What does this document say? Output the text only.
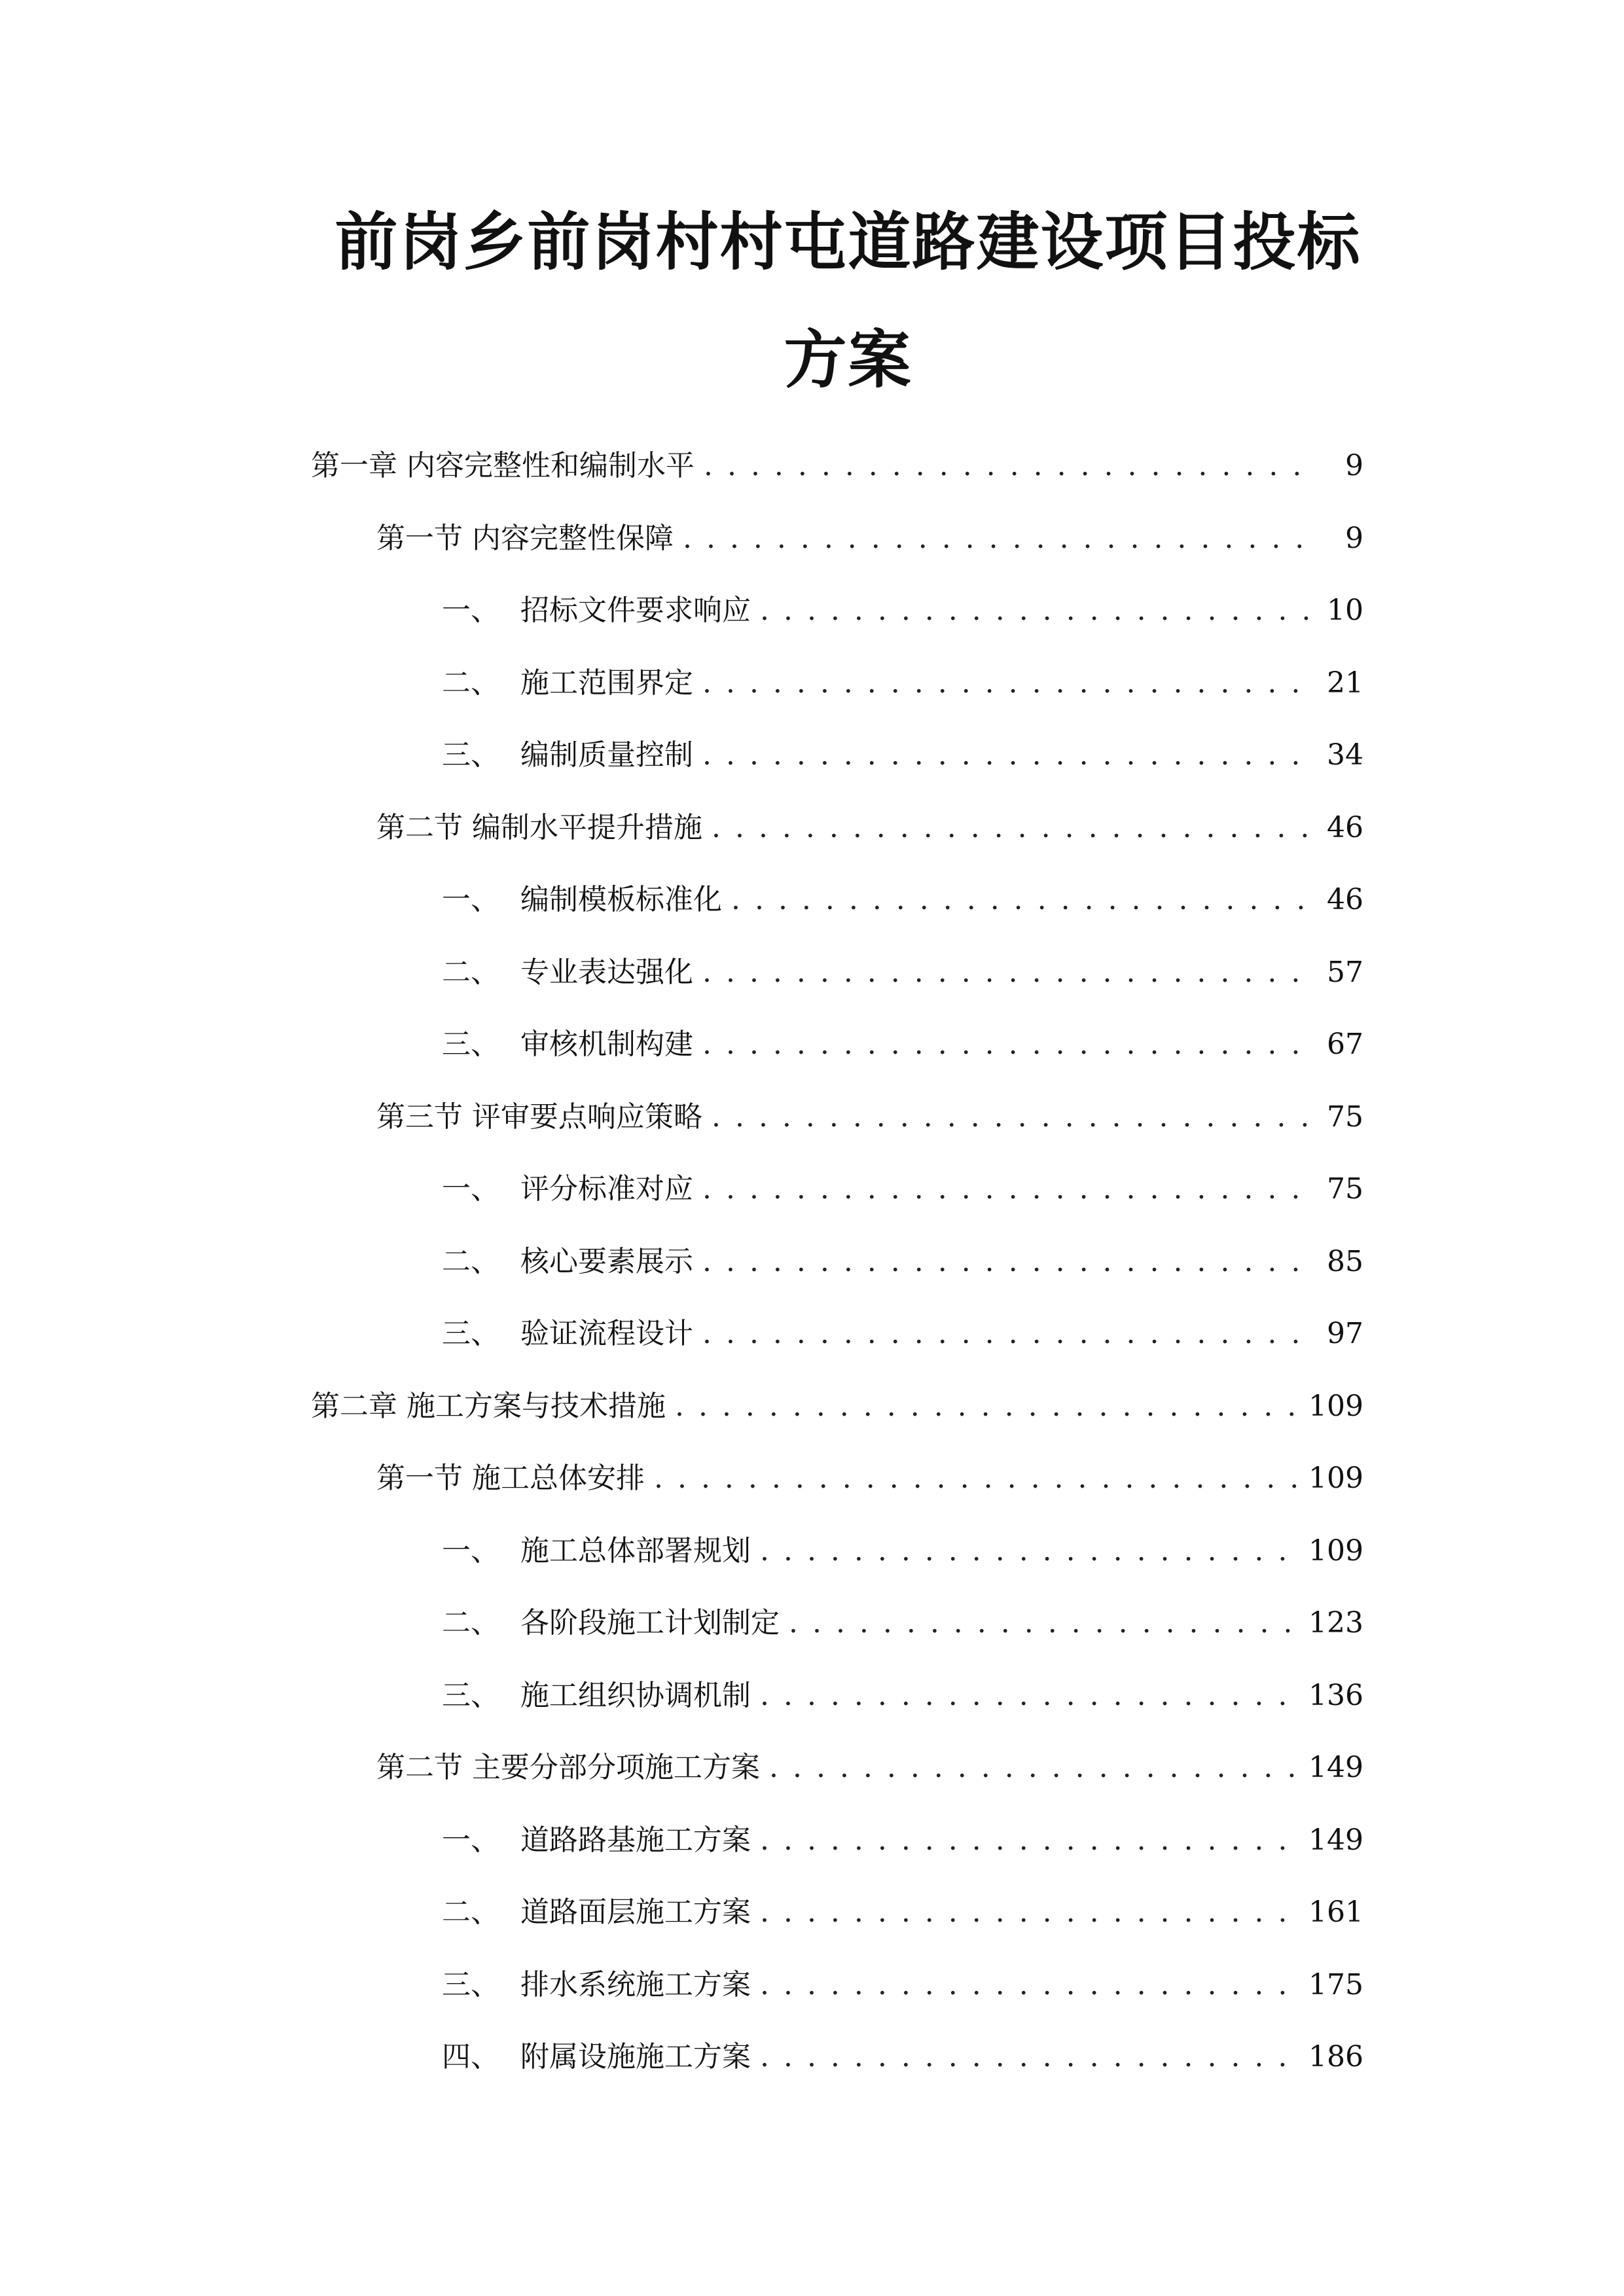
前岗乡前岗村村屯道路建设项目投标
方案
第一章 内容完整性和编制水平 . . .	9
第一节 内容完整性保障 . . .	9
一、 招标文件要求响应 . . .	10
二、 施工范围界定 . . .	21
三、 编制质量控制 . . .	34
第二节 编制水平提升措施 . . .	46
一、 编制模板标准化 . . .	46
二、 专业表达强化 . . .	57
三、 审核机制构建 . . .	67
第三节 评审要点响应策略 . . .	75
一、 评分标准对应 . . .	75
二、 核心要素展示 . . .	85
三、 验证流程设计 . . .	97
第二章 施工方案与技术措施 . . .	109
第一节 施工总体安排 . . .	109
一、 施工总体部署规划 . . .	109
二、 各阶段施工计划制定 . . .	123
三、 施工组织协调机制 . . .	136
第二节 主要分部分项施工方案 . . .	149
一、 道路路基施工方案 . . .	149
二、 道路面层施工方案 . . .	161
三、 排水系统施工方案 . . .	175
四、 附属设施施工方案 . . .	186
